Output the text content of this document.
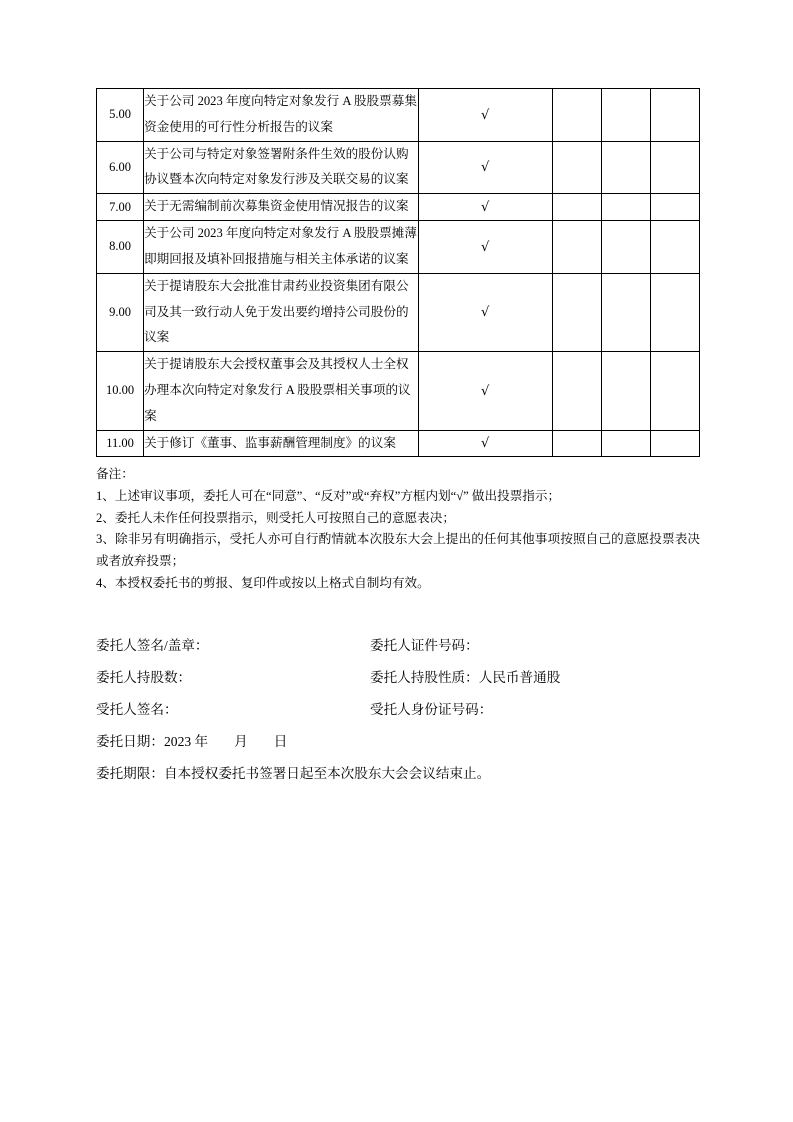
5.00	关于公司 2023 年度向特定对象发行 A 股股票募集资金使用的可行性分析报告的议案	√			
6.00	关于公司与特定对象签署附条件生效的股份认购协议暨本次向特定对象发行涉及关联交易的议案	√			
7.00	关于无需编制前次募集资金使用情况报告的议案	√			
8.00	关于公司 2023 年度向特定对象发行 A 股股票摊薄即期回报及填补回报措施与相关主体承诺的议案	√			
9.00	关于提请股东大会批准甘肃药业投资集团有限公司及其一致行动人免于发出要约增持公司股份的议案	√			
10.00	关于提请股东大会授权董事会及其授权人士全权办理本次向特定对象发行 A 股股票相关事项的议案	√			
11.00	关于修订《董事、监事薪酬管理制度》的议案	√			

备注：

1、上述审议事项，委托人可在“同意”、“反对”或“弃权”方框内划“√” 做出投票指示；

2、委托人未作任何投票指示，则受托人可按照自己的意愿表决；

3、除非另有明确指示，受托人亦可自行酌情就本次股东大会上提出的任何其他事项按照自己的意愿投票表决或者放弃投票；

4、本授权委托书的剪报、复印件或按以上格式自制均有效。

委托人签名/盖章：	委托人证件号码：
委托人持股数：	委托人持股性质：人民币普通股
受托人签名：	受托人身份证号码：
委托日期：2023 年 月 日
委托期限：自本授权委托书签署日起至本次股东大会会议结束止。
